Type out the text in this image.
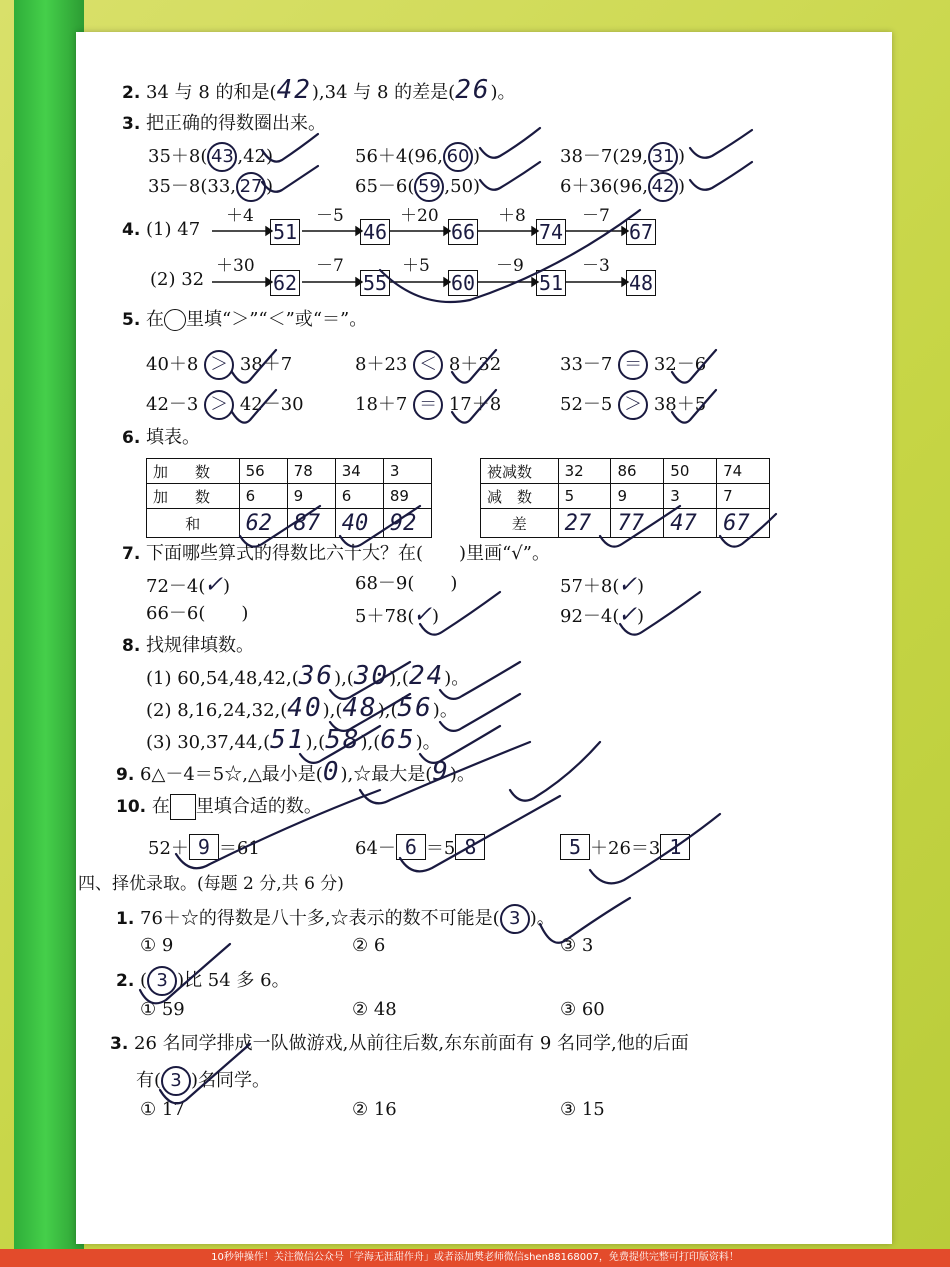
2. 34 与 8 的和是(42),34 与 8 的差是(26)。
3. 把正确的得数圈出来。
35＋8( 43 ,42)	56＋4(96, 60 )	38－7(29, 31 )
35－8(33, 27 )	65－6( 59 ,50)	6＋36(96, 42 )
4. (1) 47
(2) 32
＋4	－5	＋20	＋8	－7
51	46	66	74	67
＋30	－7	＋5	－9	－3
62	55	60	51	48
5. 在 里填“＞”“＜”或“＝”。
40＋8 ＞ 38＋7	8＋23 ＜ 8＋32	33－7 ＝ 32－6
42－3 ＞ 42－30	18＋7 ＝ 17＋8	52－5 ＞ 38＋5
6. 填表。
加　数	56	78	34	3
加　数	6	9	6	89
和	62	87	40	92
被减数	32	86	50	74
减　数	5	9	3	7
差	27	77	47	67
7. 下面哪些算式的得数比六十大？在(　　)里画“√”。
72－4(✓)	68－9(　　 )	57＋8(✓)
66－6(　　 )	5＋78(✓)	92－4(✓)
8. 找规律填数。
(1) 60,54,48,42,(36),(30),(24)。
(2) 8,16,24,32,(40),(48),(56)。
(3) 30,37,44,(51),(58),(65)。
9. 6△－4＝5☆,△最小是(0),☆最大是(9)。
10. 在 里填合适的数。
52＋ 9 ＝61	64－ 6 ＝5 8	5 ＋26＝3 1
四、择优录取。(每题 2 分,共 6 分)
1. 76＋☆的得数是八十多,☆表示的数不可能是( 3 )。
① 9	② 6	③ 3
2. ( 3 )比 54 多 6。
① 59	② 48	③ 60
3. 26 名同学排成一队做游戏,从前往后数,东东前面有 9 名同学,他的后面
有( 3 )名同学。
① 17	② 16	③ 15
10秒钟操作！关注微信公众号「学海无涯甜作舟」或者添加樊老师微信shen88168007，免费提供完整可打印版资料！
